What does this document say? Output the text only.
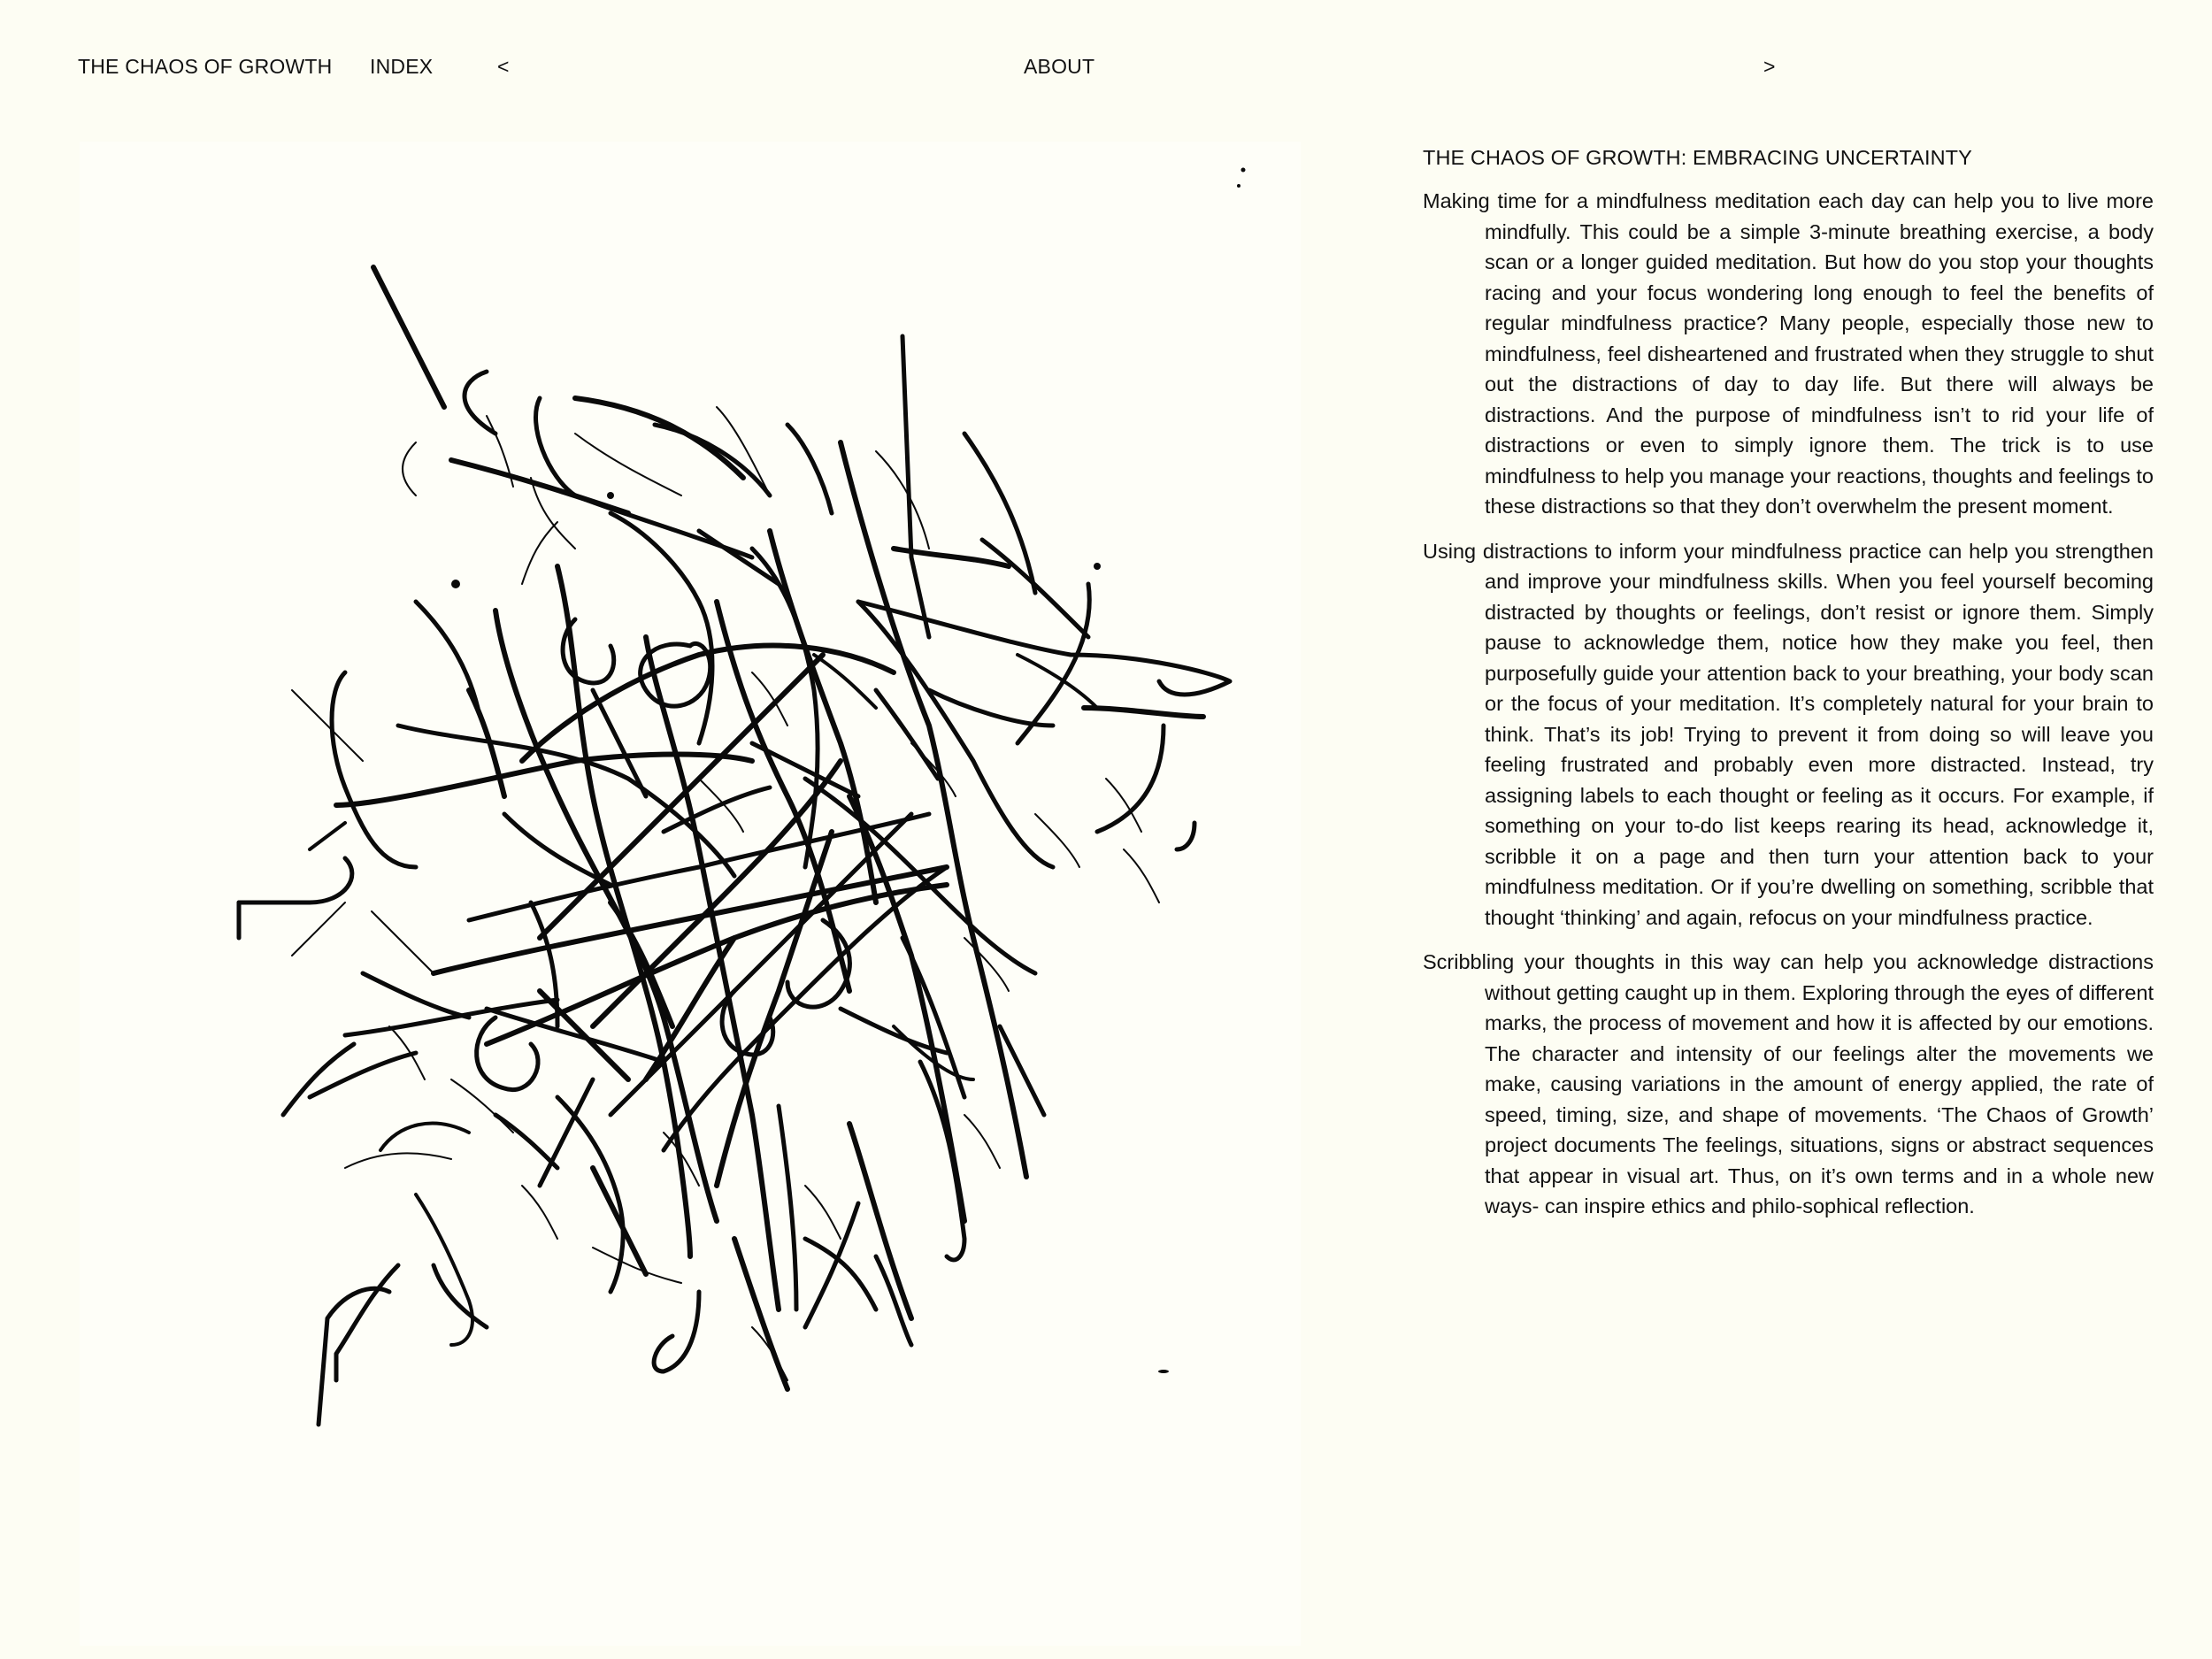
THE CHAOS OF GROWTH INDEX	<	ABOUT	>
THE CHAOS OF GROWTH: EMBRACING UNCERTAINTY

Making time for a mindfulness meditation each day can help you to live more mindfully. This could be a simple 3-minute breathing exercise, a body scan or a longer guided meditation. But how do you stop your thoughts racing and your focus wondering long enough to feel the benefits of regular mindfulness practice? Many people, especially those new to mindfulness, feel disheartened and frustrated when they struggle to shut out the distractions of day to day life. But there will always be distractions. And the purpose of mindfulness isn’t to rid your life of distractions or even to simply ignore them. The trick is to use mindfulness to help you manage your reactions, thoughts and feelings to these distractions so that they don’t overwhelm the present moment.

Using distractions to inform your mindfulness practice can help you strengthen and improve your mindfulness skills. When you feel yourself becoming distracted by thoughts or feelings, don’t resist or ignore them. Simply pause to acknowledge them, notice how they make you feel, then purposefully guide your attention back to your breathing, your body scan or the focus of your meditation. It’s completely natural for your brain to think. That’s its job! Trying to prevent it from doing so will leave you feeling frustrated and probably even more distracted. Instead, try assigning labels to each thought or feeling as it occurs. For example, if something on your to-do list keeps rearing its head, acknowledge it, scribble it on a page and then turn your attention back to your mindfulness meditation. Or if you’re dwelling on something, scribble that thought ‘thinking’ and again, refocus on your mindfulness practice.

Scribbling your thoughts in this way can help you acknowledge distractions without getting caught up in them. Exploring through the eyes of different marks, the process of movement and how it is affected by our emotions. The character and intensity of our feelings alter the movements we make, causing variations in the amount of energy applied, the rate of speed, timing, size, and shape of movements. ‘The Chaos of Growth’ project documents The feelings, situations, signs or abstract sequences that appear in visual art. Thus, on it’s own terms and in a whole new ways- can inspire ethics and philo-sophical reflection.
